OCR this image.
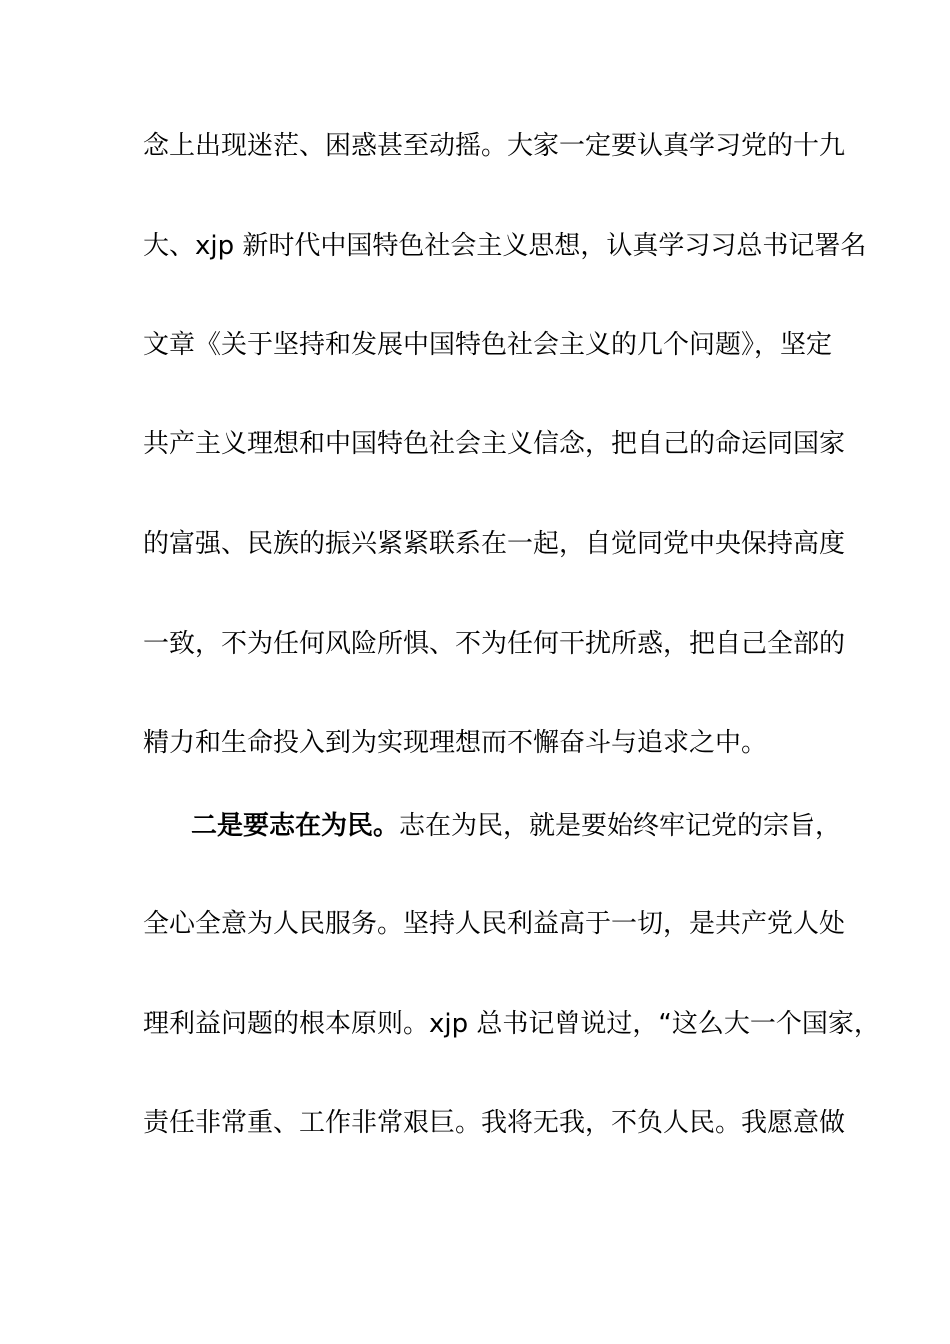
念上出现迷茫、困惑甚至动摇。大家一定要认真学习党的十九
大、xjp 新时代中国特色社会主义思想，认真学习习总书记署名
文章《关于坚持和发展中国特色社会主义的几个问题》，坚定
共产主义理想和中国特色社会主义信念，把自己的命运同国家
的富强、民族的振兴紧紧联系在一起，自觉同党中央保持高度
一致，不为任何风险所惧、不为任何干扰所惑，把自己全部的
精力和生命投入到为实现理想而不懈奋斗与追求之中。
二是要志在为民。志在为民，就是要始终牢记党的宗旨，
全心全意为人民服务。坚持人民利益高于一切，是共产党人处
理利益问题的根本原则。xjp 总书记曾说过，“这么大一个国家，
责任非常重、工作非常艰巨。我将无我，不负人民。我愿意做
